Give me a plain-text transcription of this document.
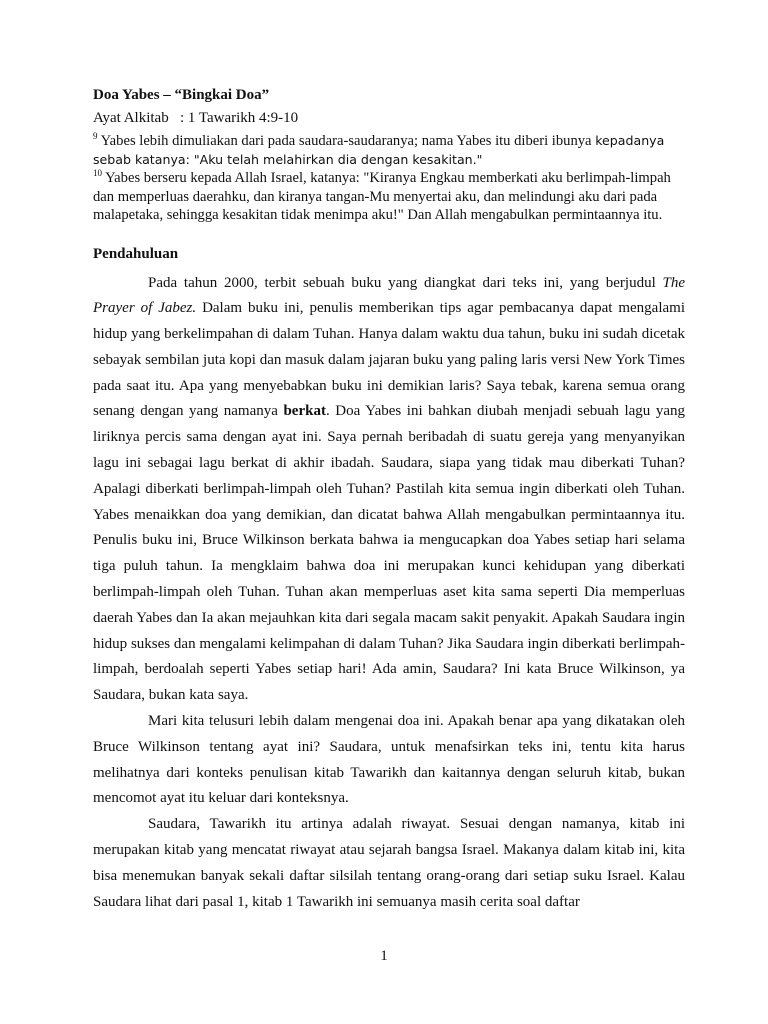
Doa Yabes – “Bingkai Doa”

Ayat Alkitab   : 1 Tawarikh 4:9-10

$^9$ Yabes lebih dimuliakan dari pada saudara-saudaranya; nama Yabes itu diberi ibunya kepadanya sebab katanya: "Aku telah melahirkan dia dengan kesakitan."

$^{10}$ Yabes berseru kepada Allah Israel, katanya: "Kiranya Engkau memberkati aku berlimpah-limpah dan memperluas daerahku, dan kiranya tangan-Mu menyertai aku, dan melindungi aku dari pada malapetaka, sehingga kesakitan tidak menimpa aku!" Dan Allah mengabulkan permintaannya itu.

Pendahuluan

Pada tahun 2000, terbit sebuah buku yang diangkat dari teks ini, yang berjudul The Prayer of Jabez. Dalam buku ini, penulis memberikan tips agar pembacanya dapat mengalami hidup yang berkelimpahan di dalam Tuhan. Hanya dalam waktu dua tahun, buku ini sudah dicetak sebayak sembilan juta kopi dan masuk dalam jajaran buku yang paling laris versi New York Times pada saat itu. Apa yang menyebabkan buku ini demikian laris? Saya tebak, karena semua orang senang dengan yang namanya berkat. Doa Yabes ini bahkan diubah menjadi sebuah lagu yang liriknya percis sama dengan ayat ini. Saya pernah beribadah di suatu gereja yang menyanyikan lagu ini sebagai lagu berkat di akhir ibadah. Saudara, siapa yang tidak mau diberkati Tuhan? Apalagi diberkati berlimpah-limpah oleh Tuhan? Pastilah kita semua ingin diberkati oleh Tuhan. Yabes menaikkan doa yang demikian, dan dicatat bahwa Allah mengabulkan permintaannya itu. Penulis buku ini, Bruce Wilkinson berkata bahwa ia mengucapkan doa Yabes setiap hari selama tiga puluh tahun. Ia mengklaim bahwa doa ini merupakan kunci kehidupan yang diberkati berlimpah-limpah oleh Tuhan. Tuhan akan memperluas aset kita sama seperti Dia memperluas daerah Yabes dan Ia akan mejauhkan kita dari segala macam sakit penyakit. Apakah Saudara ingin hidup sukses dan mengalami kelimpahan di dalam Tuhan? Jika Saudara ingin diberkati berlimpah-limpah, berdoalah seperti Yabes setiap hari! Ada amin, Saudara? Ini kata Bruce Wilkinson, ya Saudara, bukan kata saya.

Mari kita telusuri lebih dalam mengenai doa ini. Apakah benar apa yang dikatakan oleh Bruce Wilkinson tentang ayat ini? Saudara, untuk menafsirkan teks ini, tentu kita harus melihatnya dari konteks penulisan kitab Tawarikh dan kaitannya dengan seluruh kitab, bukan mencomot ayat itu keluar dari konteksnya.

Saudara, Tawarikh itu artinya adalah riwayat. Sesuai dengan namanya, kitab ini merupakan kitab yang mencatat riwayat atau sejarah bangsa Israel. Makanya dalam kitab ini, kita bisa menemukan banyak sekali daftar silsilah tentang orang-orang dari setiap suku Israel. Kalau Saudara lihat dari pasal 1, kitab 1 Tawarikh ini semuanya masih cerita soal daftar

1
